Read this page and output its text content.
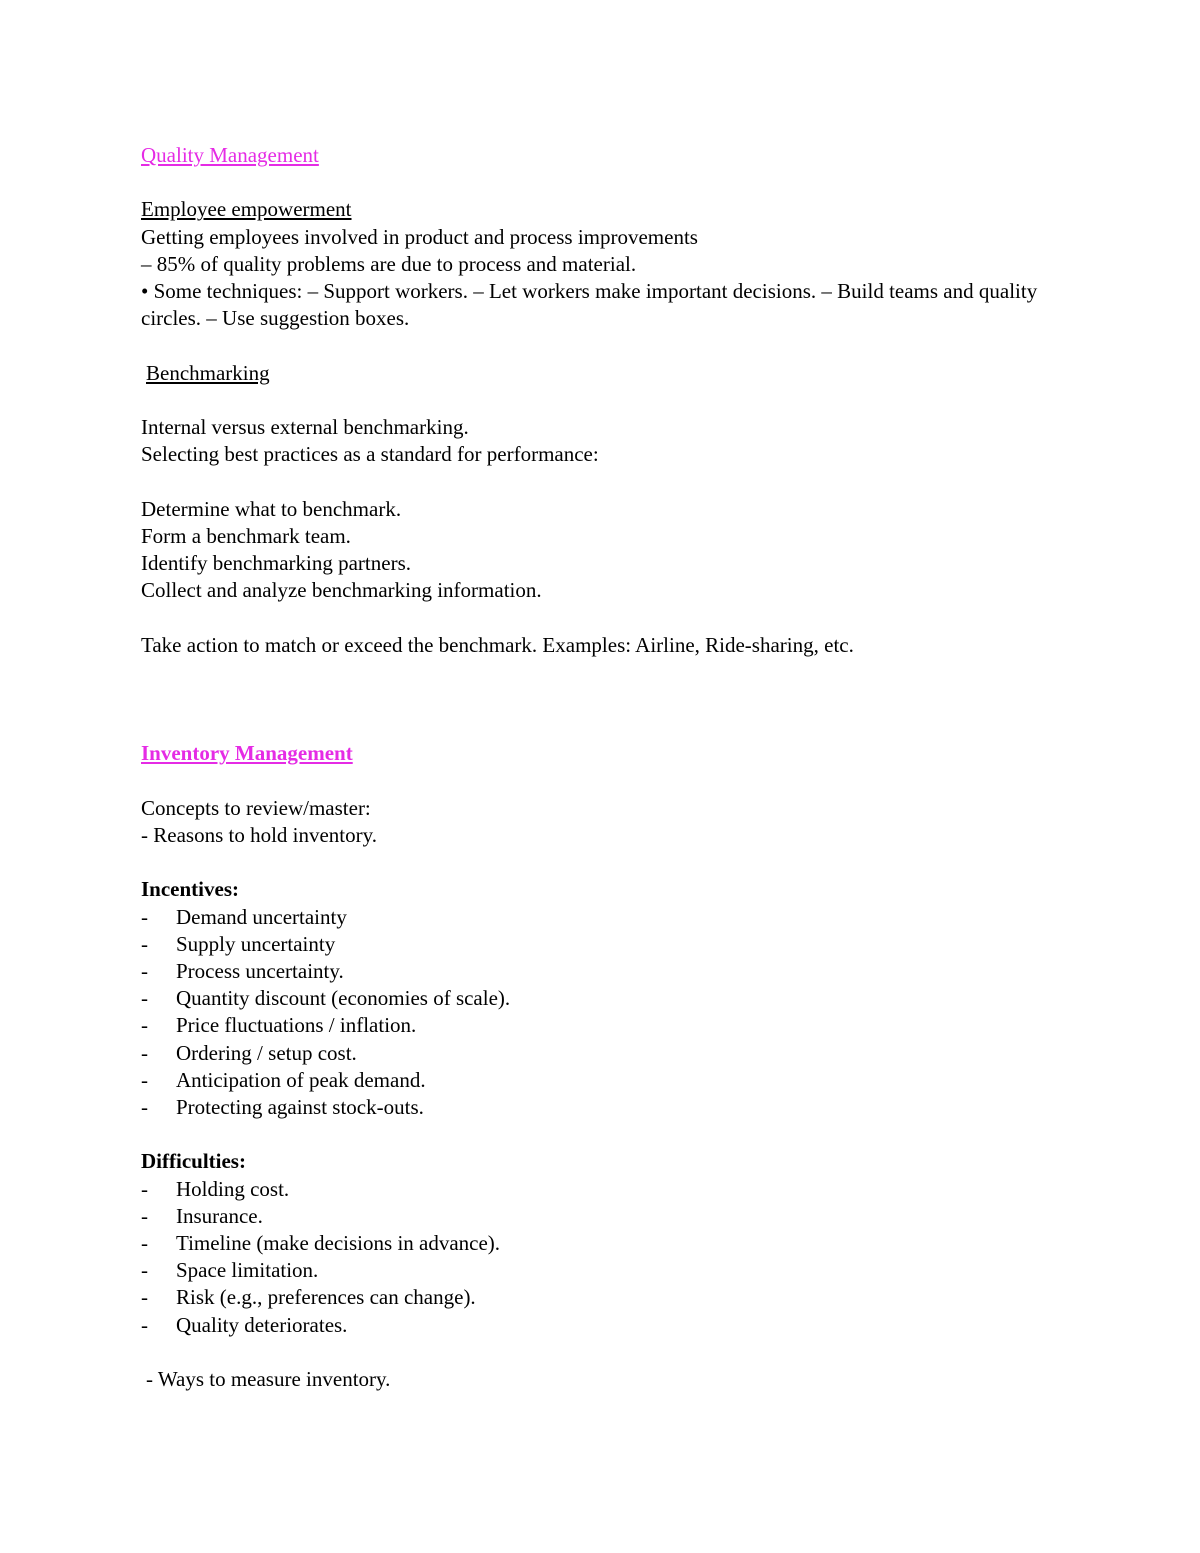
Quality Management
Employee empowerment
Getting employees involved in product and process improvements
– 85% of quality problems are due to process and material.
• Some techniques: – Support workers. – Let workers make important decisions. – Build teams and quality circles. – Use suggestion boxes.
Benchmarking
Internal versus external benchmarking.
Selecting best practices as a standard for performance:
Determine what to benchmark.
Form a benchmark team.
Identify benchmarking partners.
Collect and analyze benchmarking information.
Take action to match or exceed the benchmark. Examples: Airline, Ride-sharing, etc.
Inventory Management
Concepts to review/master:
- Reasons to hold inventory.
Incentives:
- Demand uncertainty
- Supply uncertainty
- Process uncertainty.
- Quantity discount (economies of scale).
- Price fluctuations / inflation.
- Ordering / setup cost.
- Anticipation of peak demand.
- Protecting against stock-outs.
Difficulties:
- Holding cost.
- Insurance.
- Timeline (make decisions in advance).
- Space limitation.
- Risk (e.g., preferences can change).
- Quality deteriorates.
- Ways to measure inventory.
